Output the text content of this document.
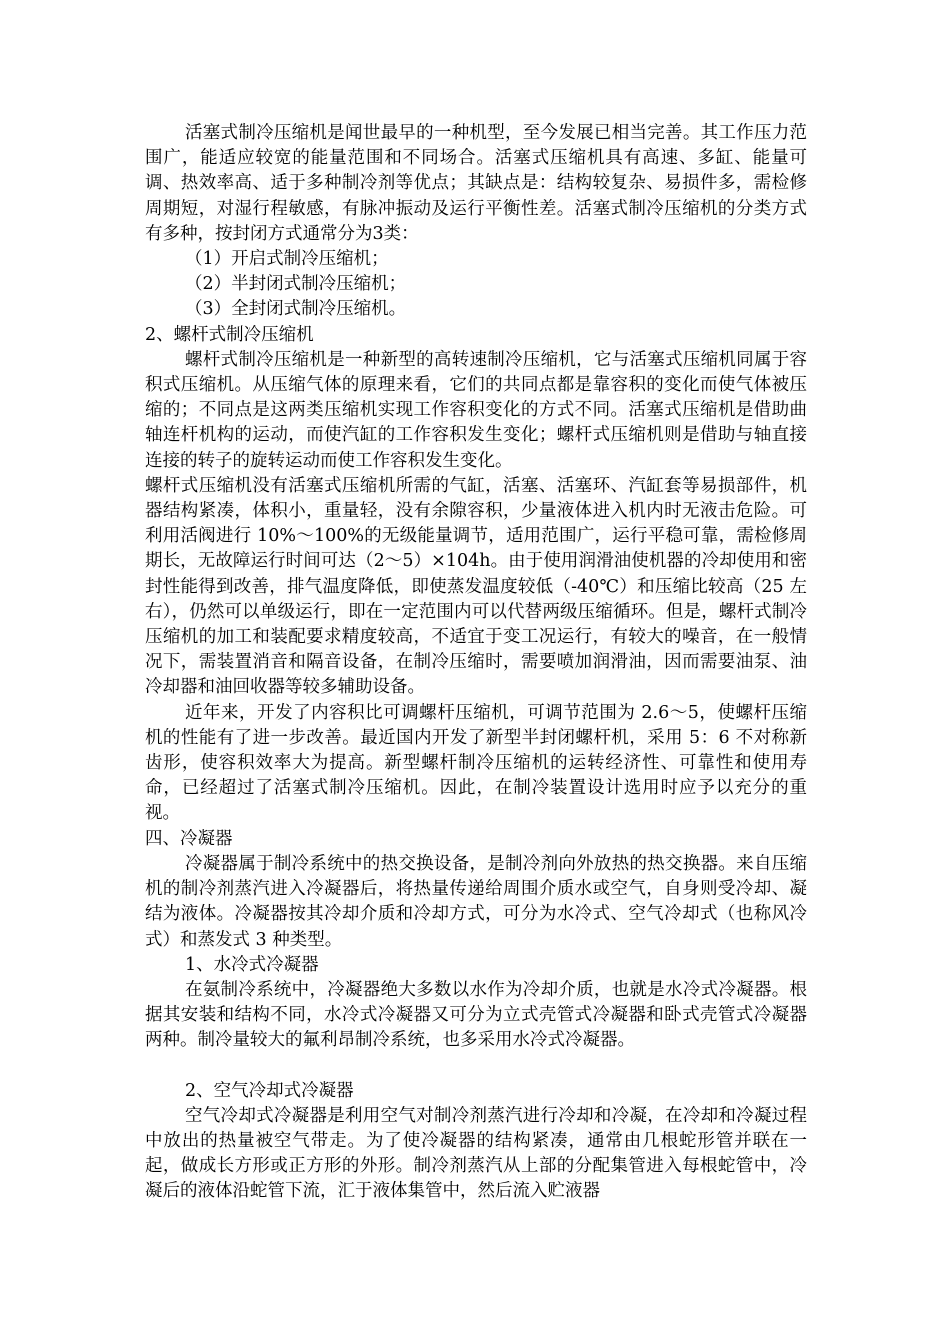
活塞式制冷压缩机是闻世最早的一种机型，至今发展已相当完善。其工作压力范围广，能适应较宽的能量范围和不同场合。活塞式压缩机具有高速、多缸、能量可调、热效率高、适于多种制冷剂等优点；其缺点是：结构较复杂、易损件多，需检修周期短，对湿行程敏感，有脉冲振动及运行平衡性差。活塞式制冷压缩机的分类方式有多种，按封闭方式通常分为3类：

（1）开启式制冷压缩机；

（2）半封闭式制冷压缩机；

（3）全封闭式制冷压缩机。

2、螺杆式制冷压缩机

螺杆式制冷压缩机是一种新型的高转速制冷压缩机，它与活塞式压缩机同属于容积式压缩机。从压缩气体的原理来看，它们的共同点都是靠容积的变化而使气体被压缩的；不同点是这两类压缩机实现工作容积变化的方式不同。活塞式压缩机是借助曲轴连杆机构的运动，而使汽缸的工作容积发生变化；螺杆式压缩机则是借助与轴直接连接的转子的旋转运动而使工作容积发生变化。

螺杆式压缩机没有活塞式压缩机所需的气缸，活塞、活塞环、汽缸套等易损部件，机器结构紧凑，体积小，重量轻，没有余隙容积，少量液体进入机内时无液击危险。可利用活阀进行 10%～100%的无级能量调节，适用范围广，运行平稳可靠，需检修周期长，无故障运行时间可达（2～5）×104h。由于使用润滑油使机器的冷却使用和密封性能得到改善，排气温度降低，即使蒸发温度较低（-40℃）和压缩比较高（25 左右），仍然可以单级运行，即在一定范围内可以代替两级压缩循环。但是，螺杆式制冷压缩机的加工和装配要求精度较高，不适宜于变工况运行，有较大的噪音，在一般情况下，需装置消音和隔音设备，在制冷压缩时，需要喷加润滑油，因而需要油泵、油冷却器和油回收器等较多辅助设备。

近年来，开发了内容积比可调螺杆压缩机，可调节范围为 2.6～5，使螺杆压缩机的性能有了进一步改善。最近国内开发了新型半封闭螺杆机，采用 5：6 不对称新齿形，使容积效率大为提高。新型螺杆制冷压缩机的运转经济性、可靠性和使用寿命，已经超过了活塞式制冷压缩机。因此，在制冷装置设计选用时应予以充分的重视。

四、冷凝器

冷凝器属于制冷系统中的热交换设备，是制冷剂向外放热的热交换器。来自压缩机的制冷剂蒸汽进入冷凝器后，将热量传递给周围介质水或空气，自身则受冷却、凝结为液体。冷凝器按其冷却介质和冷却方式，可分为水冷式、空气冷却式（也称风冷式）和蒸发式 3 种类型。

1、水冷式冷凝器

在氨制冷系统中，冷凝器绝大多数以水作为冷却介质，也就是水冷式冷凝器。根据其安装和结构不同，水冷式冷凝器又可分为立式壳管式冷凝器和卧式壳管式冷凝器两种。制冷量较大的氟利昂制冷系统，也多采用水冷式冷凝器。

2、空气冷却式冷凝器

空气冷却式冷凝器是利用空气对制冷剂蒸汽进行冷却和冷凝，在冷却和冷凝过程中放出的热量被空气带走。为了使冷凝器的结构紧凑，通常由几根蛇形管并联在一起，做成长方形或正方形的外形。制冷剂蒸汽从上部的分配集管进入每根蛇管中，冷凝后的液体沿蛇管下流，汇于液体集管中，然后流入贮液器
